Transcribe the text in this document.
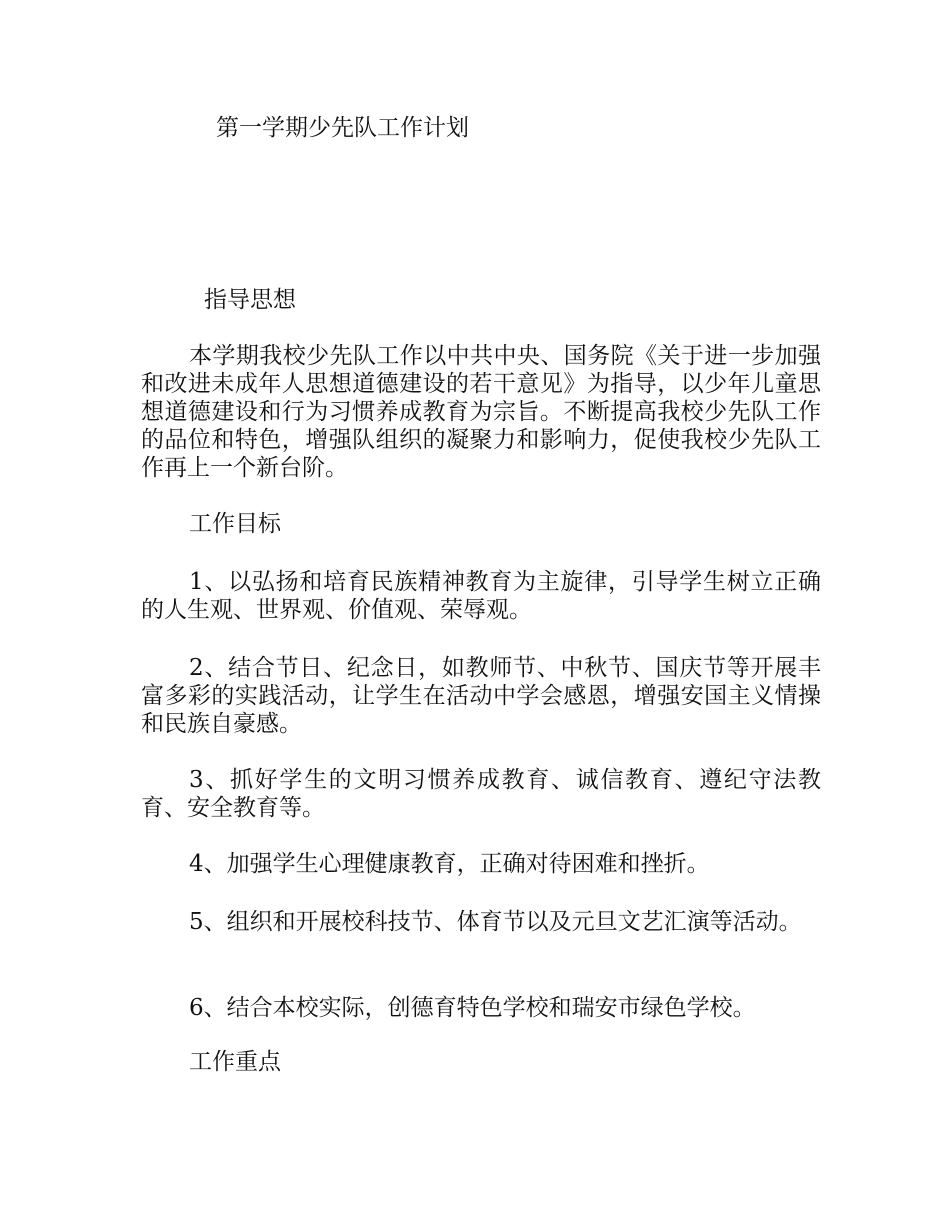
第一学期少先队工作计划
指导思想

本学期我校少先队工作以中共中央、国务院《关于进一步加强和改进未成年人思想道德建设的若干意见》为指导，以少年儿童思想道德建设和行为习惯养成教育为宗旨。不断提高我校少先队工作的品位和特色，增强队组织的凝聚力和影响力，促使我校少先队工作再上一个新台阶。

工作目标

1、以弘扬和培育民族精神教育为主旋律，引导学生树立正确的人生观、世界观、价值观、荣辱观。

2、结合节日、纪念日，如教师节、中秋节、国庆节等开展丰富多彩的实践活动，让学生在活动中学会感恩，增强安国主义情操和民族自豪感。

3、抓好学生的文明习惯养成教育、诚信教育、遵纪守法教育、安全教育等。

4、加强学生心理健康教育，正确对待困难和挫折。

5、组织和开展校科技节、体育节以及元旦文艺汇演等活动。

6、结合本校实际，创德育特色学校和瑞安市绿色学校。

工作重点
